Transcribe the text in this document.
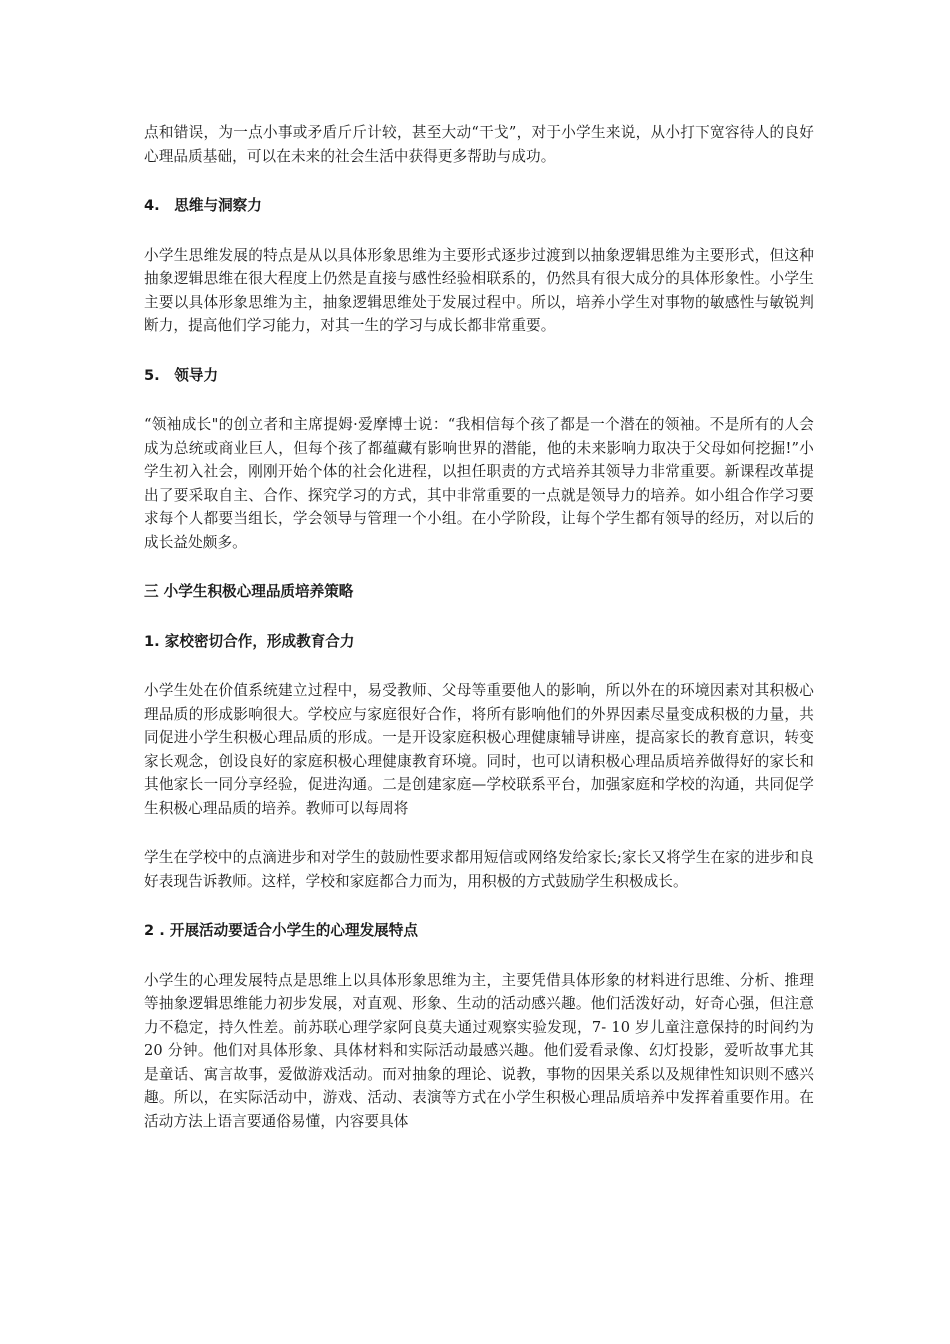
点和错误，为一点小事或矛盾斤斤计较，甚至大动“干戈”，对于小学生来说，从小打下宽容待人的良好心理品质基础，可以在未来的社会生活中获得更多帮助与成功。

4.　思维与洞察力

小学生思维发展的特点是从以具体形象思维为主要形式逐步过渡到以抽象逻辑思维为主要形式，但这种抽象逻辑思维在很大程度上仍然是直接与感性经验相联系的，仍然具有很大成分的具体形象性。小学生主要以具体形象思维为主，抽象逻辑思维处于发展过程中。所以，培养小学生对事物的敏感性与敏锐判断力，提高他们学习能力，对其一生的学习与成长都非常重要。

5.　领导力

“领袖成长"的创立者和主席提姆·爱摩博士说：“我相信每个孩了都是一个潜在的领袖。不是所有的人会成为总统或商业巨人，但每个孩了都蕴藏有影响世界的潜能，他的未来影响力取决于父母如何挖掘!”小学生初入社会，刚刚开始个体的社会化进程，以担任职责的方式培养其领导力非常重要。新课程改革提出了要采取自主、合作、探究学习的方式，其中非常重要的一点就是领导力的培养。如小组合作学习要求每个人都要当组长，学会领导与管理一个小组。在小学阶段，让每个学生都有领导的经历，对以后的成长益处颇多。

三 小学生积极心理品质培养策略

1. 家校密切合作，形成教育合力

小学生处在价值系统建立过程中，易受教师、父母等重要他人的影响，所以外在的环境因素对其积极心理品质的形成影响很大。学校应与家庭很好合作，将所有影响他们的外界因素尽量变成积极的力量，共同促进小学生积极心理品质的形成。一是开设家庭积极心理健康辅导讲座，提高家长的教育意识，转变家长观念，创设良好的家庭积极心理健康教育环境。同时，也可以请积极心理品质培养做得好的家长和其他家长一同分享经验，促进沟通。二是创建家庭—学校联系平台，加强家庭和学校的沟通，共同促学生积极心理品质的培养。教师可以每周将

学生在学校中的点滴进步和对学生的鼓励性要求都用短信或网络发给家长;家长又将学生在家的进步和良好表现告诉教师。这样，学校和家庭都合力而为，用积极的方式鼓励学生积极成长。

2 . 开展活动要适合小学生的心理发展特点

小学生的心理发展特点是思维上以具体形象思维为主，主要凭借具体形象的材料进行思维、分析、推理等抽象逻辑思维能力初步发展，对直观、形象、生动的活动感兴趣。他们活泼好动，好奇心强，但注意力不稳定，持久性差。前苏联心理学家阿良莫夫通过观察实验发现，7- 10 岁儿童注意保持的时间约为 20 分钟。他们对具体形象、具体材料和实际活动最感兴趣。他们爱看录像、幻灯投影，爱听故事尤其是童话、寓言故事，爱做游戏活动。而对抽象的理论、说教，事物的因果关系以及规律性知识则不感兴趣。所以，在实际活动中，游戏、活动、表演等方式在小学生积极心理品质培养中发挥着重要作用。在活动方法上语言要通俗易懂，内容要具体
